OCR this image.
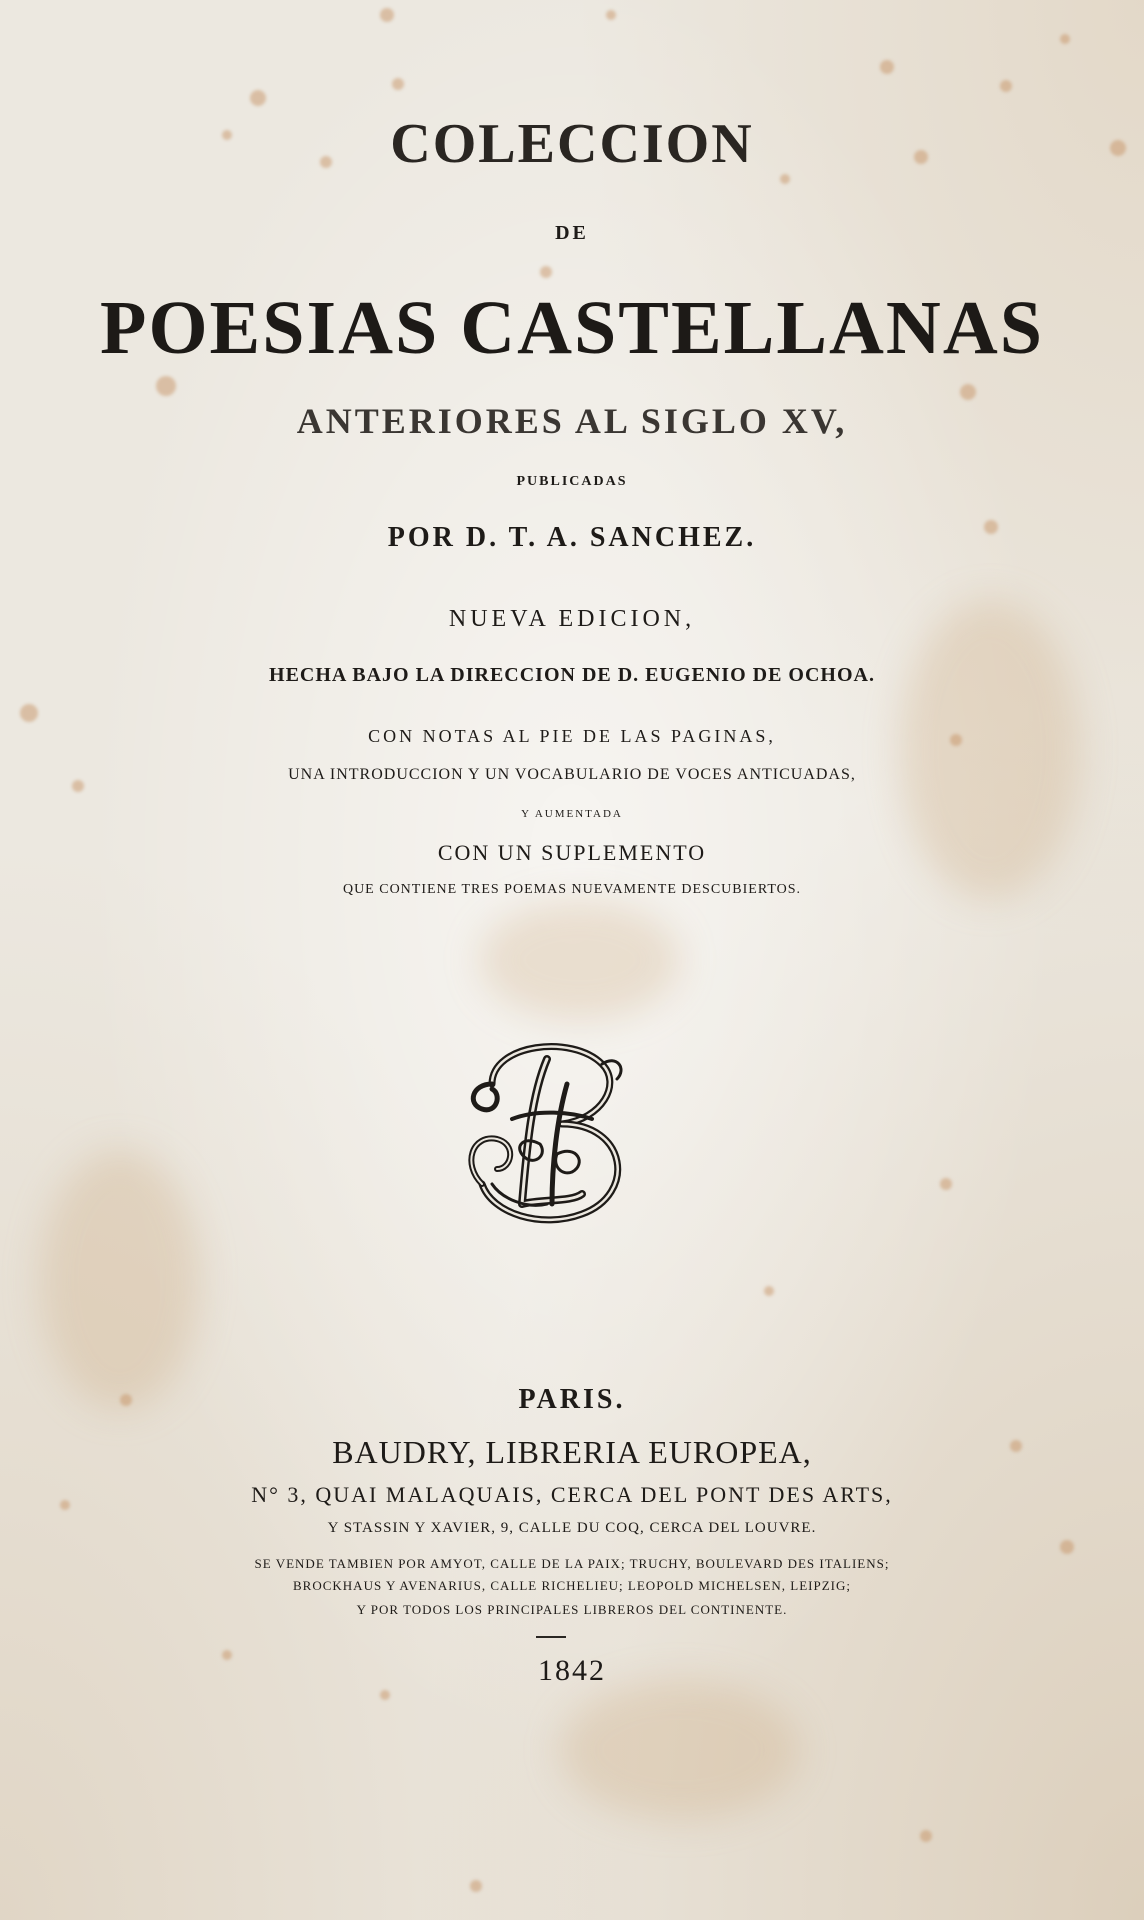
COLECCION
DE
POESIAS CASTELLANAS
ANTERIORES AL SIGLO XV,
PUBLICADAS
POR D. T. A. SANCHEZ.
NUEVA EDICION,
HECHA BAJO LA DIRECCION DE D. EUGENIO DE OCHOA.
CON NOTAS AL PIE DE LAS PAGINAS,
UNA INTRODUCCION Y UN VOCABULARIO DE VOCES ANTICUADAS,
Y AUMENTADA
CON UN SUPLEMENTO
QUE CONTIENE TRES POEMAS NUEVAMENTE DESCUBIERTOS.
PARIS.
BAUDRY, LIBRERIA EUROPEA,
N° 3, QUAI MALAQUAIS, CERCA DEL PONT DES ARTS,
Y STASSIN Y XAVIER, 9, CALLE DU COQ, CERCA DEL LOUVRE.
SE VENDE TAMBIEN POR AMYOT, CALLE DE LA PAIX; TRUCHY, BOULEVARD DES ITALIENS;
BROCKHAUS Y AVENARIUS, CALLE RICHELIEU; LEOPOLD MICHELSEN, LEIPZIG;
Y POR TODOS LOS PRINCIPALES LIBREROS DEL CONTINENTE.
1842
